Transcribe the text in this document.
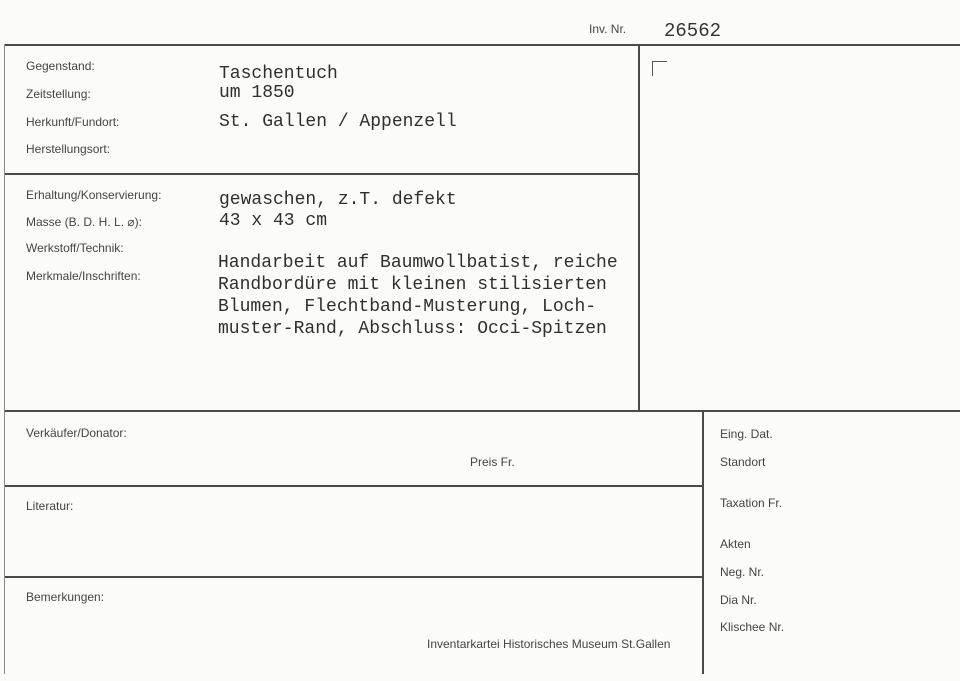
Inv. Nr. 26562
Gegenstand:
Zeitstellung:
Herkunft/Fundort:
Herstellungsort:
Taschentuch
um 1850
St. Gallen / Appenzell
Erhaltung/Konservierung:
Masse (B. D. H. L. ⌀):
Werkstoff/Technik:
Merkmale/Inschriften:
gewaschen, z.T. defekt
43 x 43 cm
Handarbeit auf Baumwollbatist, reiche
Randbordüre mit kleinen stilisierten
Blumen, Flechtband-Musterung, Loch-
muster-Rand, Abschluss: Occi-Spitzen
Verkäufer/Donator:
Preis Fr.
Literatur:
Bemerkungen:
Inventarkartei Historisches Museum St.Gallen
Eing. Dat.
Standort
Taxation Fr.
Akten
Neg. Nr.
Dia Nr.
Klischee Nr.
